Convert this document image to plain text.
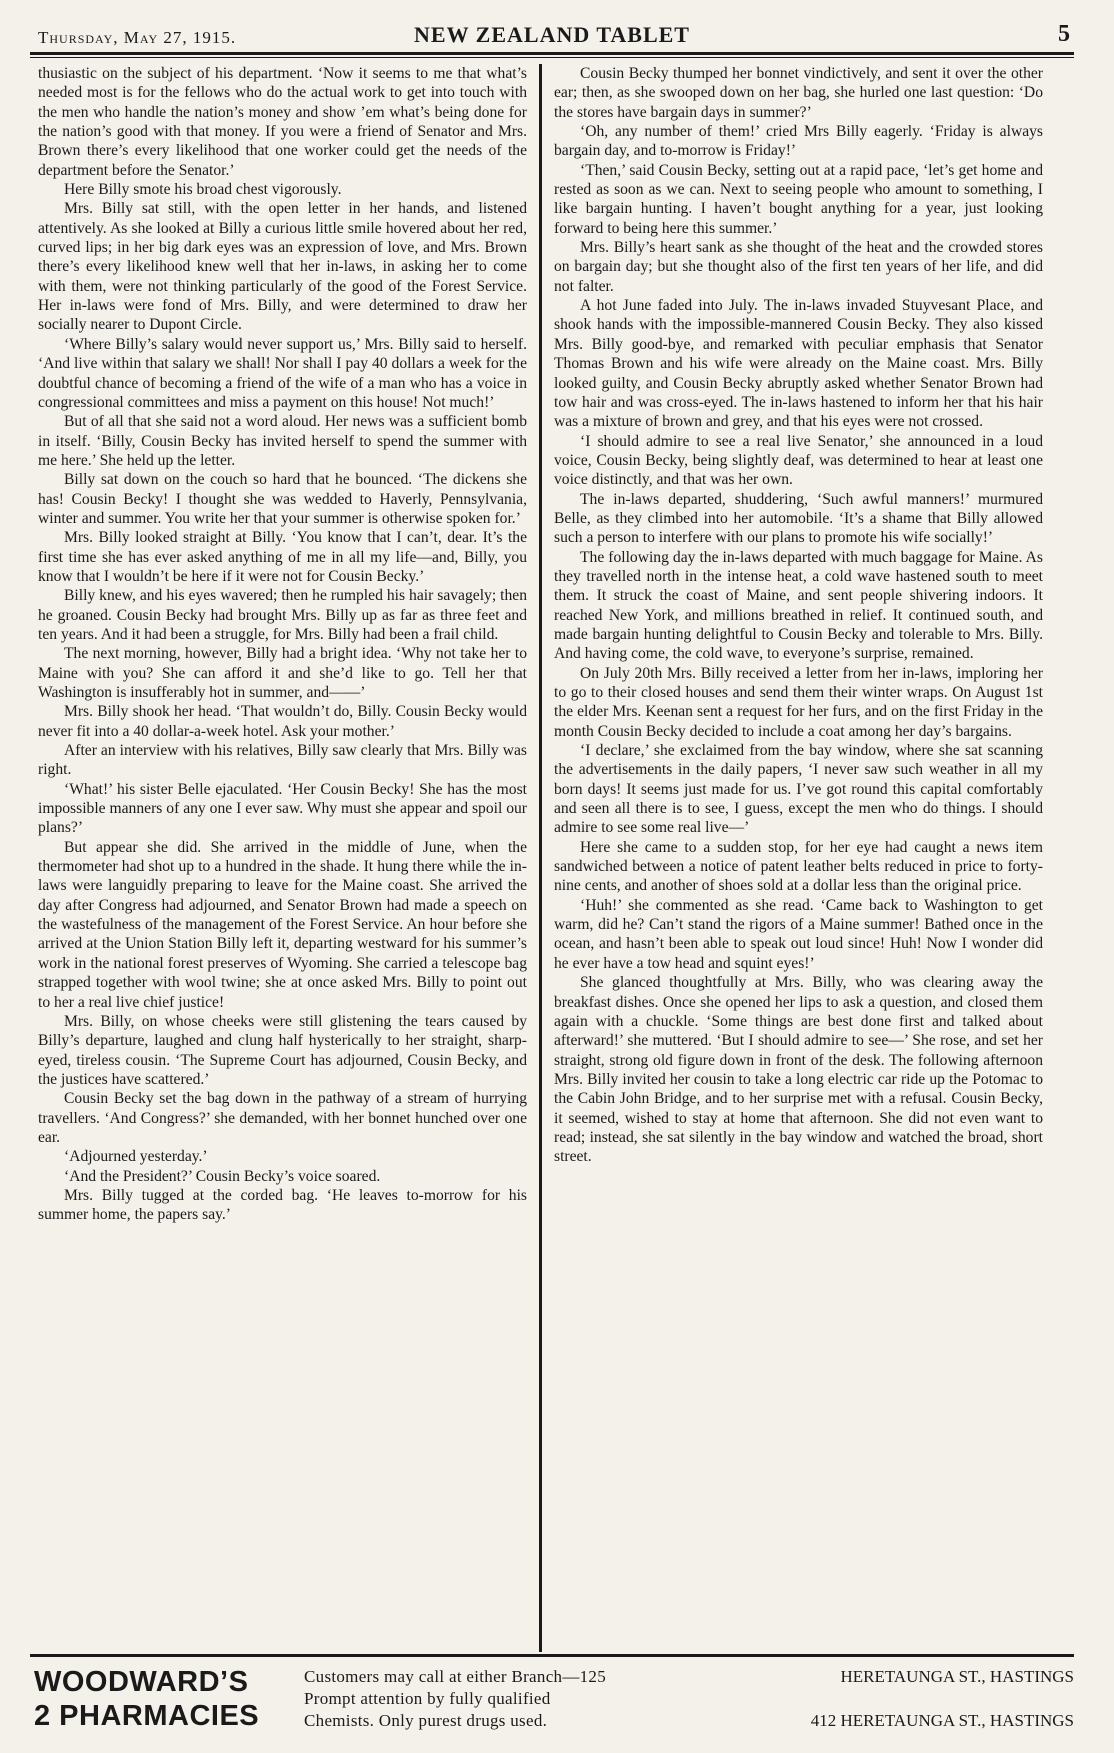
Thursday, May 27, 1915.	NEW ZEALAND TABLET	5

thusiastic on the subject of his department. ‘Now it seems to me that what’s needed most is for the fellows who do the actual work to get into touch with the men who handle the nation’s money and show ’em what’s being done for the nation’s good with that money. If you were a friend of Senator and Mrs. Brown there’s every likelihood that one worker could get the needs of the department before the Senator.’

Here Billy smote his broad chest vigorously.

Mrs. Billy sat still, with the open letter in her hands, and listened attentively. As she looked at Billy a curious little smile hovered about her red, curved lips; in her big dark eyes was an expression of love, and Mrs. Brown there’s every likelihood knew well that her in-laws, in asking her to come with them, were not thinking particularly of the good of the Forest Service. Her in-laws were fond of Mrs. Billy, and were determined to draw her socially nearer to Dupont Circle.

‘Where Billy’s salary would never support us,’ Mrs. Billy said to herself. ‘And live within that salary we shall! Nor shall I pay 40 dollars a week for the doubtful chance of becoming a friend of the wife of a man who has a voice in congressional committees and miss a payment on this house! Not much!’

But of all that she said not a word aloud. Her news was a sufficient bomb in itself. ‘Billy, Cousin Becky has invited herself to spend the summer with me here.’ She held up the letter.

Billy sat down on the couch so hard that he bounced. ‘The dickens she has! Cousin Becky! I thought she was wedded to Haverly, Pennsylvania, winter and summer. You write her that your summer is otherwise spoken for.’

Mrs. Billy looked straight at Billy. ‘You know that I can’t, dear. It’s the first time she has ever asked anything of me in all my life—and, Billy, you know that I wouldn’t be here if it were not for Cousin Becky.’

Billy knew, and his eyes wavered; then he rumpled his hair savagely; then he groaned. Cousin Becky had brought Mrs. Billy up as far as three feet and ten years. And it had been a struggle, for Mrs. Billy had been a frail child.

The next morning, however, Billy had a bright idea. ‘Why not take her to Maine with you? She can afford it and she’d like to go. Tell her that Washington is insufferably hot in summer, and——’

Mrs. Billy shook her head. ‘That wouldn’t do, Billy. Cousin Becky would never fit into a 40 dollar-a-week hotel. Ask your mother.’

After an interview with his relatives, Billy saw clearly that Mrs. Billy was right.

‘What!’ his sister Belle ejaculated. ‘Her Cousin Becky! She has the most impossible manners of any one I ever saw. Why must she appear and spoil our plans?’

But appear she did. She arrived in the middle of June, when the thermometer had shot up to a hundred in the shade. It hung there while the in-laws were languidly preparing to leave for the Maine coast. She arrived the day after Congress had adjourned, and Senator Brown had made a speech on the wastefulness of the management of the Forest Service. An hour before she arrived at the Union Station Billy left it, departing westward for his summer’s work in the national forest preserves of Wyoming. She carried a telescope bag strapped together with wool twine; she at once asked Mrs. Billy to point out to her a real live chief justice!

Mrs. Billy, on whose cheeks were still glistening the tears caused by Billy’s departure, laughed and clung half hysterically to her straight, sharp-eyed, tireless cousin. ‘The Supreme Court has adjourned, Cousin Becky, and the justices have scattered.’

Cousin Becky set the bag down in the pathway of a stream of hurrying travellers. ‘And Congress?’ she demanded, with her bonnet hunched over one ear.

‘Adjourned yesterday.’

‘And the President?’ Cousin Becky’s voice soared.

Mrs. Billy tugged at the corded bag. ‘He leaves to-morrow for his summer home, the papers say.’

Cousin Becky thumped her bonnet vindictively, and sent it over the other ear; then, as she swooped down on her bag, she hurled one last question: ‘Do the stores have bargain days in summer?’

‘Oh, any number of them!’ cried Mrs Billy eagerly. ‘Friday is always bargain day, and to-morrow is Friday!’

‘Then,’ said Cousin Becky, setting out at a rapid pace, ‘let’s get home and rested as soon as we can. Next to seeing people who amount to something, I like bargain hunting. I haven’t bought anything for a year, just looking forward to being here this summer.’

Mrs. Billy’s heart sank as she thought of the heat and the crowded stores on bargain day; but she thought also of the first ten years of her life, and did not falter.

A hot June faded into July. The in-laws invaded Stuyvesant Place, and shook hands with the impossible-mannered Cousin Becky. They also kissed Mrs. Billy good-bye, and remarked with peculiar emphasis that Senator Thomas Brown and his wife were already on the Maine coast. Mrs. Billy looked guilty, and Cousin Becky abruptly asked whether Senator Brown had tow hair and was cross-eyed. The in-laws hastened to inform her that his hair was a mixture of brown and grey, and that his eyes were not crossed.

‘I should admire to see a real live Senator,’ she announced in a loud voice, Cousin Becky, being slightly deaf, was determined to hear at least one voice distinctly, and that was her own.

The in-laws departed, shuddering, ‘Such awful manners!’ murmured Belle, as they climbed into her automobile. ‘It’s a shame that Billy allowed such a person to interfere with our plans to promote his wife socially!’

The following day the in-laws departed with much baggage for Maine. As they travelled north in the intense heat, a cold wave hastened south to meet them. It struck the coast of Maine, and sent people shivering indoors. It reached New York, and millions breathed in relief. It continued south, and made bargain hunting delightful to Cousin Becky and tolerable to Mrs. Billy. And having come, the cold wave, to everyone’s surprise, remained.

On July 20th Mrs. Billy received a letter from her in-laws, imploring her to go to their closed houses and send them their winter wraps. On August 1st the elder Mrs. Keenan sent a request for her furs, and on the first Friday in the month Cousin Becky decided to include a coat among her day’s bargains.

‘I declare,’ she exclaimed from the bay window, where she sat scanning the advertisements in the daily papers, ‘I never saw such weather in all my born days! It seems just made for us. I’ve got round this capital comfortably and seen all there is to see, I guess, except the men who do things. I should admire to see some real live—’

Here she came to a sudden stop, for her eye had caught a news item sandwiched between a notice of patent leather belts reduced in price to forty-nine cents, and another of shoes sold at a dollar less than the original price.

‘Huh!’ she commented as she read. ‘Came back to Washington to get warm, did he? Can’t stand the rigors of a Maine summer! Bathed once in the ocean, and hasn’t been able to speak out loud since! Huh! Now I wonder did he ever have a tow head and squint eyes!’

She glanced thoughtfully at Mrs. Billy, who was clearing away the breakfast dishes. Once she opened her lips to ask a question, and closed them again with a chuckle. ‘Some things are best done first and talked about afterward!’ she muttered. ‘But I should admire to see—’ She rose, and set her straight, strong old figure down in front of the desk. The following afternoon Mrs. Billy invited her cousin to take a long electric car ride up the Potomac to the Cabin John Bridge, and to her surprise met with a refusal. Cousin Becky, it seemed, wished to stay at home that afternoon. She did not even want to read; instead, she sat silently in the bay window and watched the broad, short street.

WOODWARD’S
2 PHARMACIES
Customers may call at either Branch—125	HERETAUNGA ST., HASTINGS
Prompt attention by fully qualified
Chemists. Only purest drugs used.	412 HERETAUNGA ST., HASTINGS
